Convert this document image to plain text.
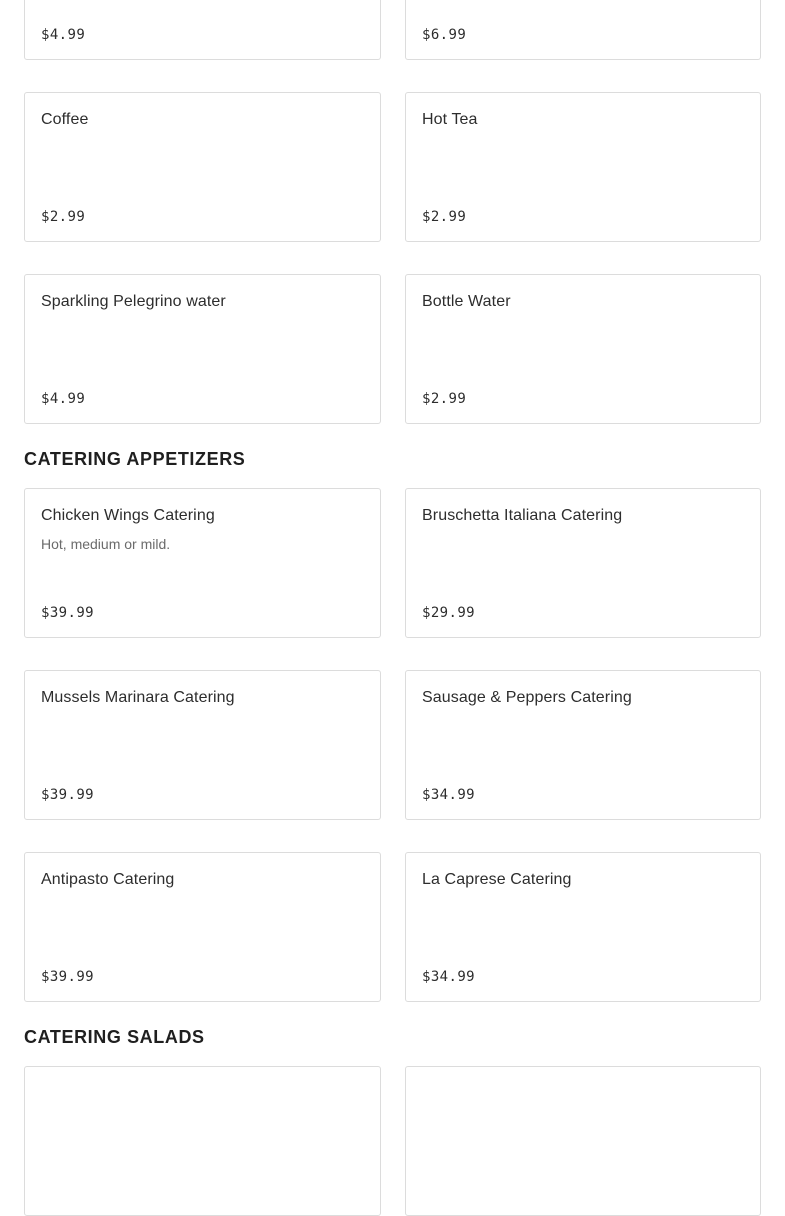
$4.99	$6.99
Coffee
$2.99
Hot Tea
$2.99
Sparkling Pelegrino water
$4.99
Bottle Water
$2.99
CATERING APPETIZERS
Chicken Wings Catering
Hot, medium or mild.
$39.99
Bruschetta Italiana Catering
$29.99
Mussels Marinara Catering
$39.99
Sausage & Peppers Catering
$34.99
Antipasto Catering
$39.99
La Caprese Catering
$34.99
CATERING SALADS
